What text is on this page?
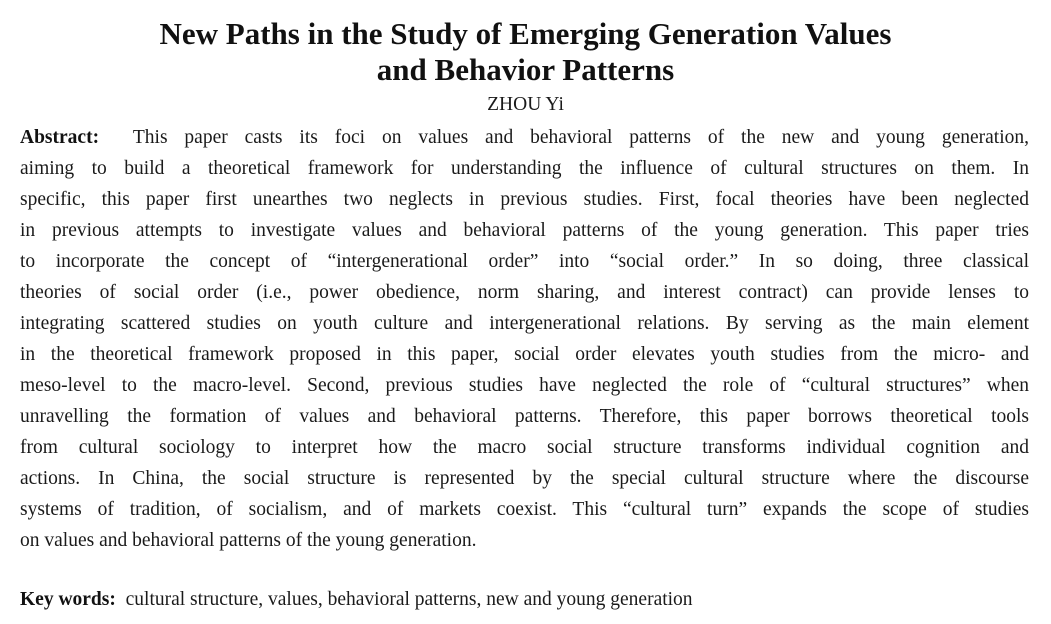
New Paths in the Study of Emerging Generation Values
and Behavior Patterns
ZHOU Yi
Abstract: This paper casts its foci on values and behavioral patterns of the new and young generation,
aiming to build a theoretical framework for understanding the influence of cultural structures on them. In
specific, this paper first unearthes two neglects in previous studies. First, focal theories have been neglected
in previous attempts to investigate values and behavioral patterns of the young generation. This paper tries
to incorporate the concept of “intergenerational order” into “social order.” In so doing, three classical
theories of social order (i.e., power obedience, norm sharing, and interest contract) can provide lenses to
integrating scattered studies on youth culture and intergenerational relations. By serving as the main element
in the theoretical framework proposed in this paper, social order elevates youth studies from the micro- and
meso-level to the macro-level. Second, previous studies have neglected the role of “cultural structures” when
unravelling the formation of values and behavioral patterns. Therefore, this paper borrows theoretical tools
from cultural sociology to interpret how the macro social structure transforms individual cognition and
actions. In China, the social structure is represented by the special cultural structure where the discourse
systems of tradition, of socialism, and of markets coexist. This “cultural turn” expands the scope of studies
on values and behavioral patterns of the young generation.
Key words: cultural structure, values, behavioral patterns, new and young generation
